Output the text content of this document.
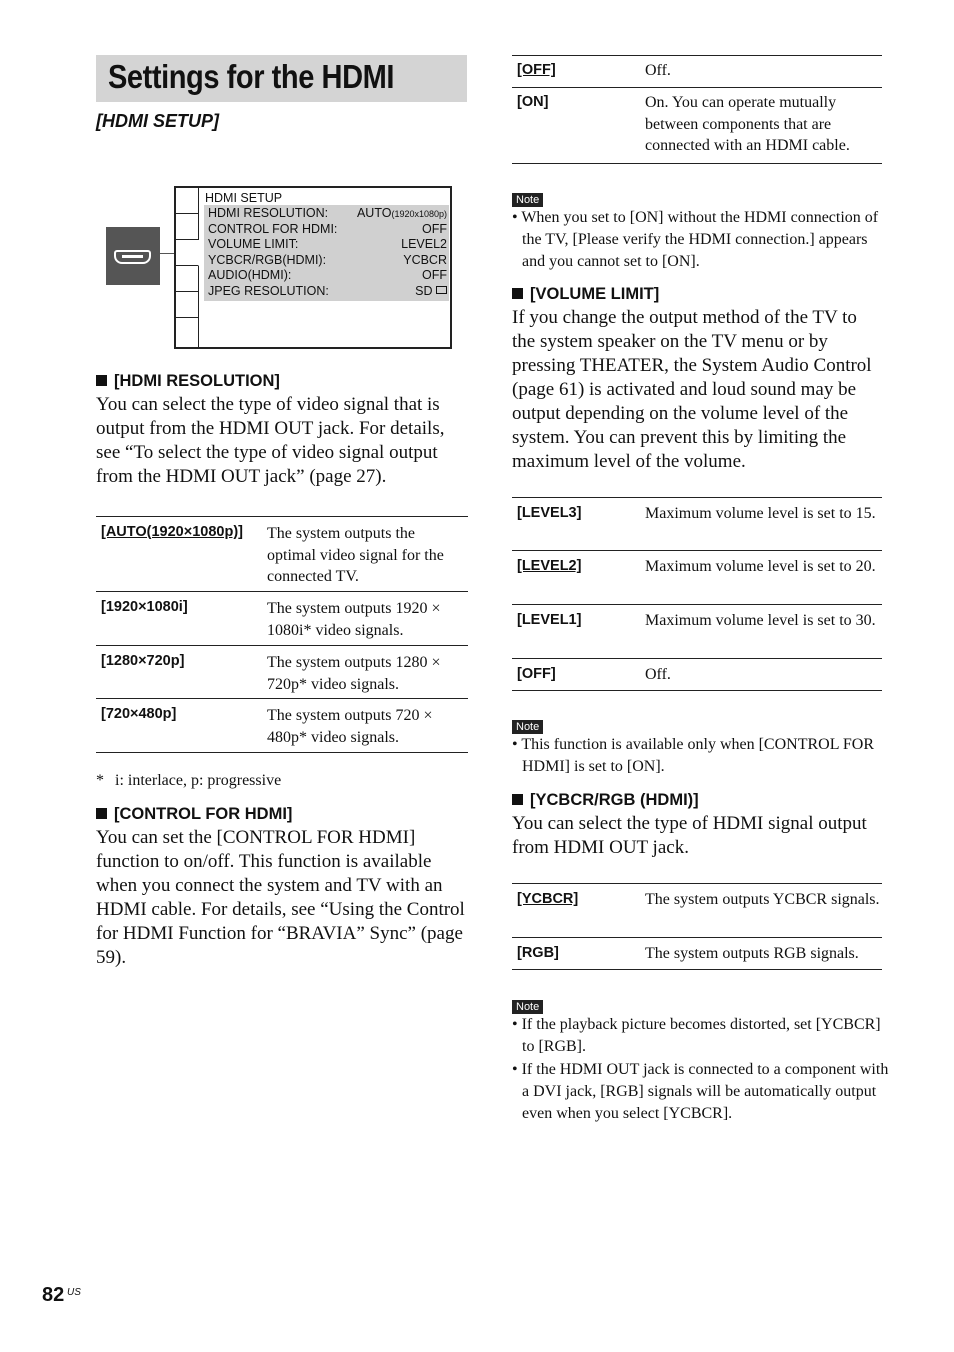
Settings for the HDMI
[HDMI SETUP]
HDMI SETUP
HDMI RESOLUTION: AUTO(1920x1080p)
CONTROL FOR HDMI:	OFF
VOLUME LIMIT:	LEVEL2
YCBCR/RGB(HDMI):	YCBCR
AUDIO(HDMI):	OFF
JPEG RESOLUTION:	SD
[HDMI RESOLUTION]
You can select the type of video signal that is output from the HDMI OUT jack. For details, see “To select the type of video signal output from the HDMI OUT jack” (page 27).
[AUTO(1920×1080p)] The system outputs the optimal video signal for the connected TV.
[1920×1080i]	The system outputs 1920 × 1080i* video signals.
[1280×720p]	The system outputs 1280 × 720p* video signals.
[720×480p]	The system outputs 720 × 480p* video signals.
* i: interlace, p: progressive
[CONTROL FOR HDMI]
You can set the [CONTROL FOR HDMI] function to on/off. This function is available when you connect the system and TV with an HDMI cable. For details, see “Using the Control for HDMI Function for “BRAVIA” Sync” (page 59).
[OFF]	Off.
[ON]	On. You can operate mutually between components that are connected with an HDMI cable.
Note
• When you set to [ON] without the HDMI connection of the TV, [Please verify the HDMI connection.] appears and you cannot set to [ON].
[VOLUME LIMIT]
If you change the output method of the TV to the system speaker on the TV menu or by pressing THEATER, the System Audio Control (page 61) is activated and loud sound may be output depending on the volume level of the system. You can prevent this by limiting the maximum level of the volume.
[LEVEL3]	Maximum volume level is set to 15.
[LEVEL2]	Maximum volume level is set to 20.
[LEVEL1]	Maximum volume level is set to 30.
[OFF]	Off.
Note
• This function is available only when [CONTROL FOR HDMI] is set to [ON].
[YCBCR/RGB (HDMI)]
You can select the type of HDMI signal output from HDMI OUT jack.
[YCBCR]	The system outputs YCBCR signals.
[RGB]	The system outputs RGB signals.
Note
• If the playback picture becomes distorted, set [YCBCR] to [RGB].
• If the HDMI OUT jack is connected to a component with a DVI jack, [RGB] signals will be automatically output even when you select [YCBCR].
82 US
